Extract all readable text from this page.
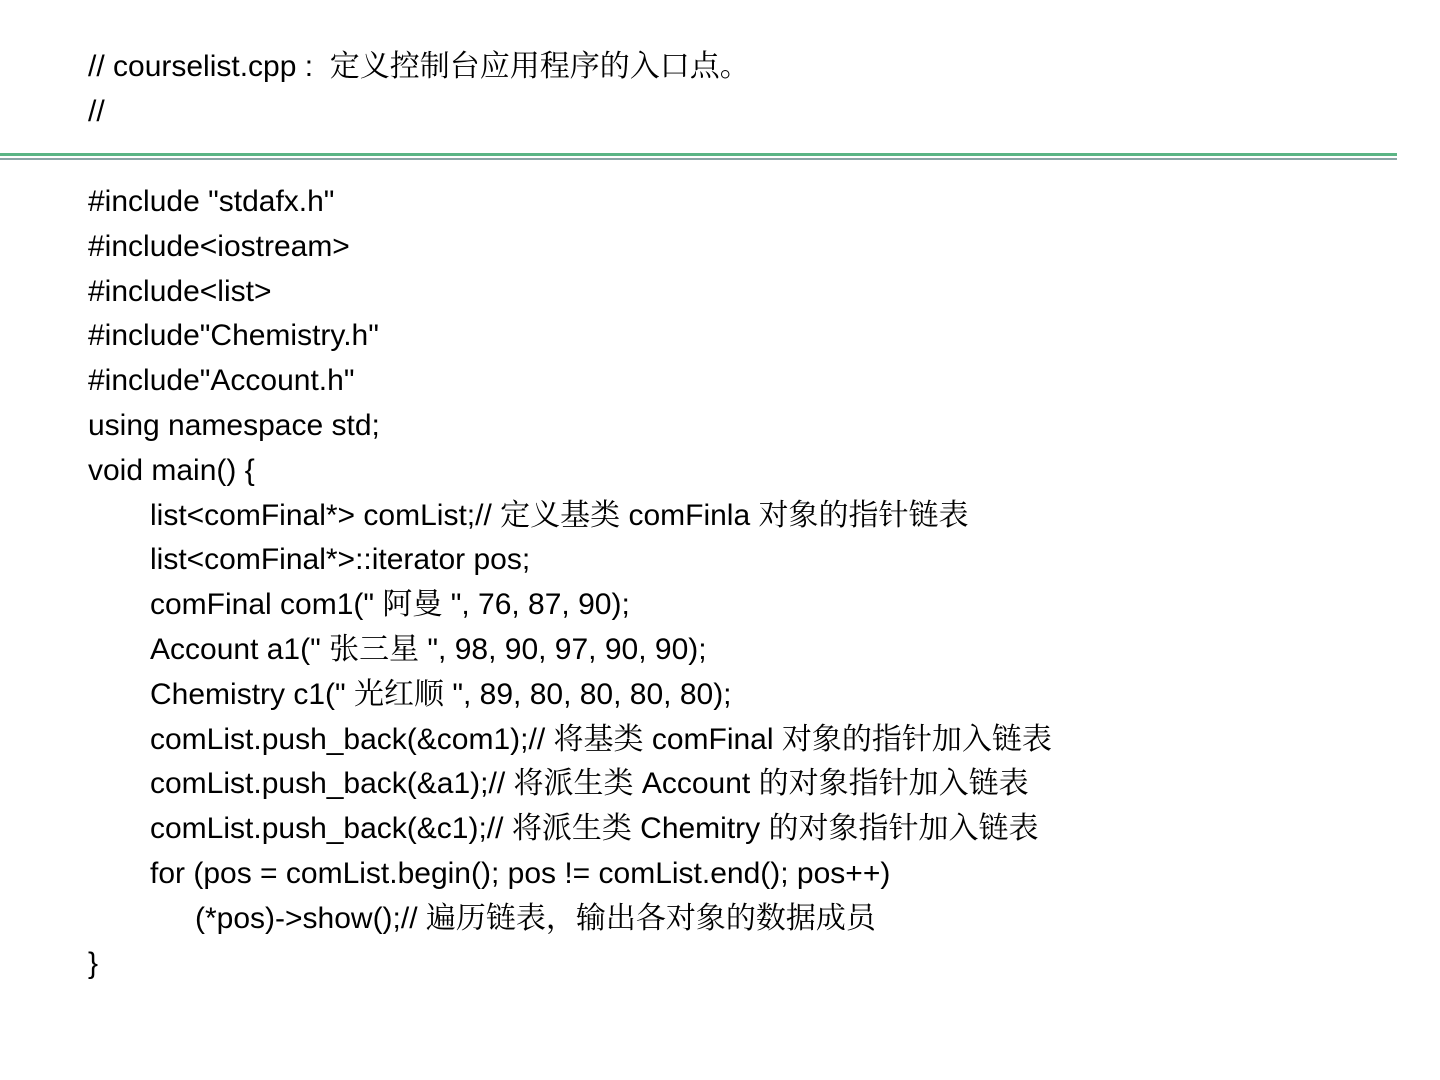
// courselist.cpp :  定义控制台应用程序的入口点。
//
#include "stdafx.h"
#include<iostream>
#include<list>
#include"Chemistry.h"
#include"Account.h"
using namespace std;
void main() {
list<comFinal*> comList;// 定义基类 comFinla 对象的指针链表
list<comFinal*>::iterator pos;
comFinal com1(" 阿曼 ", 76, 87, 90);
Account a1(" 张三星 ", 98, 90, 97, 90, 90);
Chemistry c1(" 光红顺 ", 89, 80, 80, 80, 80);
comList.push_back(&com1);// 将基类 comFinal 对象的指针加入链表
comList.push_back(&a1);// 将派生类 Account 的对象指针加入链表
comList.push_back(&c1);// 将派生类 Chemitry 的对象指针加入链表
for (pos = comList.begin(); pos != comList.end(); pos++)
(*pos)->show();// 遍历链表，输出各对象的数据成员
}
